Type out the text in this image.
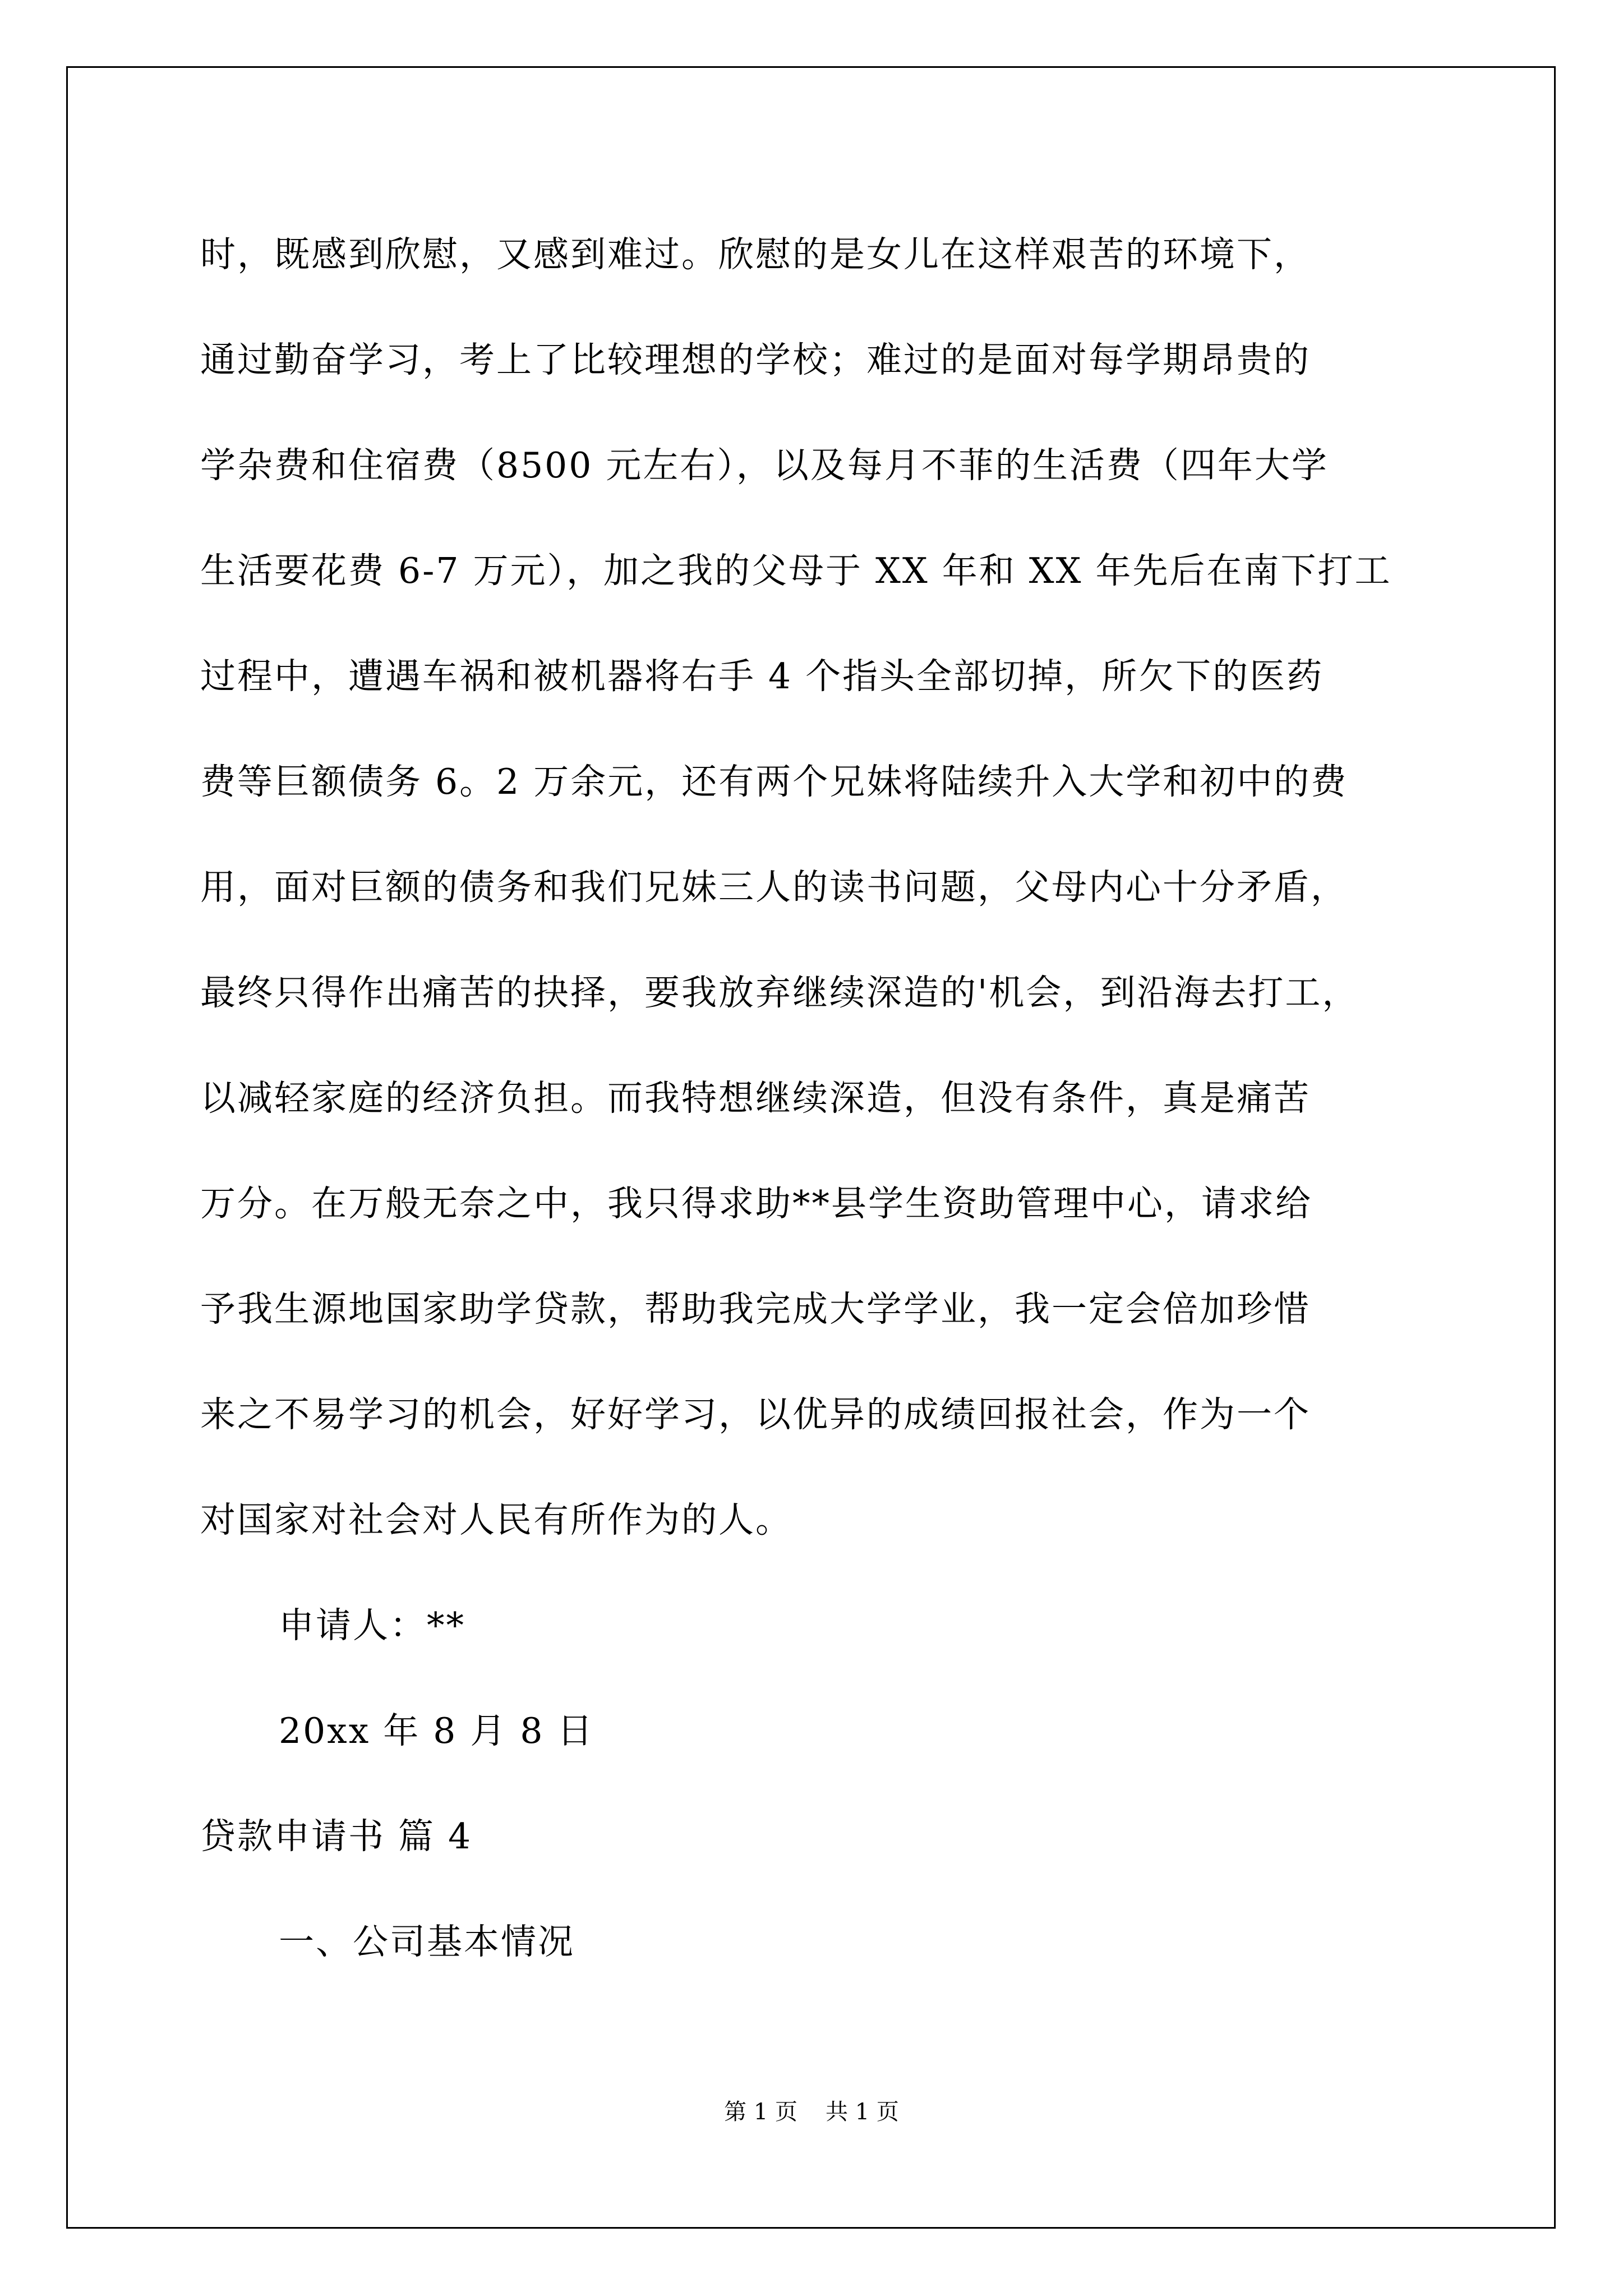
时，既感到欣慰，又感到难过。欣慰的是女儿在这样艰苦的环境下，
通过勤奋学习，考上了比较理想的学校；难过的是面对每学期昂贵的
学杂费和住宿费（8500 元左右），以及每月不菲的生活费（四年大学
生活要花费 6-7 万元），加之我的父母于 XX 年和 XX 年先后在南下打工
过程中，遭遇车祸和被机器将右手 4 个指头全部切掉，所欠下的医药
费等巨额债务 6。2 万余元，还有两个兄妹将陆续升入大学和初中的费
用，面对巨额的债务和我们兄妹三人的读书问题，父母内心十分矛盾，
最终只得作出痛苦的抉择，要我放弃继续深造的'机会，到沿海去打工，
以减轻家庭的经济负担。而我特想继续深造，但没有条件，真是痛苦
万分。在万般无奈之中，我只得求助**县学生资助管理中心，请求给
予我生源地国家助学贷款，帮助我完成大学学业，我一定会倍加珍惜
来之不易学习的机会，好好学习，以优异的成绩回报社会，作为一个
对国家对社会对人民有所作为的人。
申请人：**
20xx 年 8 月 8 日
贷款申请书 篇 4
一、公司基本情况
第 1 页 共 1 页
